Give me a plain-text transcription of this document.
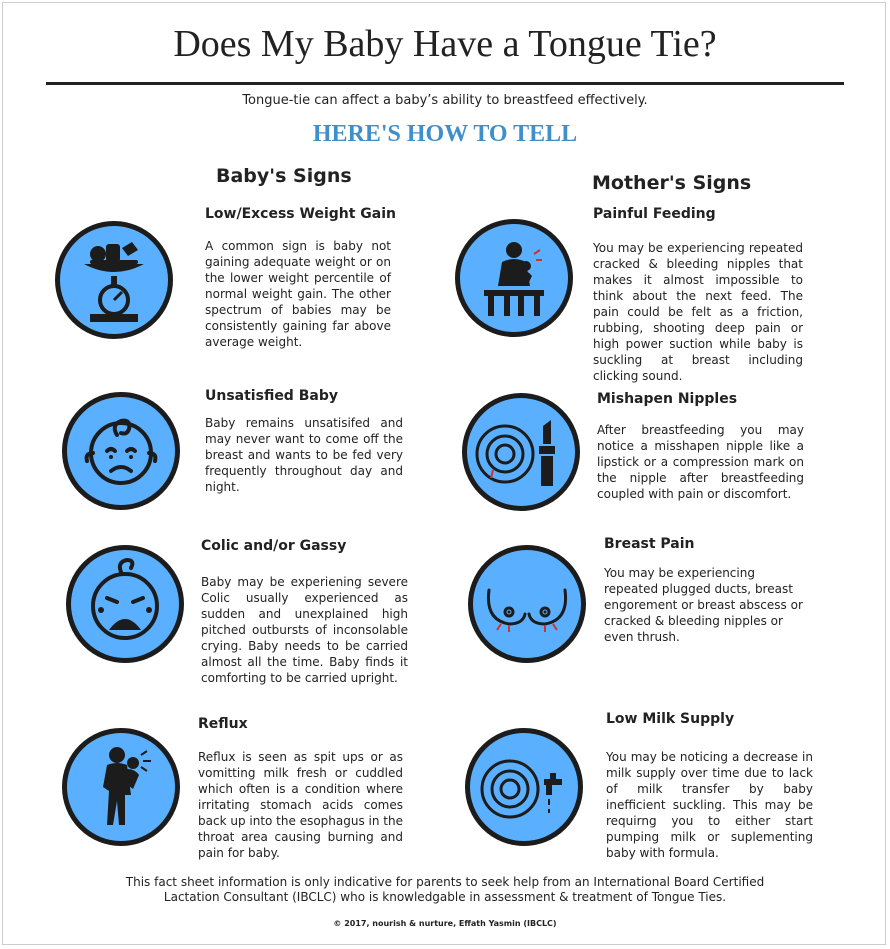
Does My Baby Have a Tongue Tie?
Tongue-tie can affect a baby’s ability to breastfeed effectively.
HERE'S HOW TO TELL
Baby's Signs	Mother's Signs
Low/Excess Weight Gain
A common sign is baby not gaining adequate weight or on the lower weight percentile of normal weight gain. The other spectrum of babies may be consistently gaining far above average weight.
Unsatisfied Baby
Baby remains unsatisifed and may never want to come off the breast and wants to be fed very frequently throughout day and night.
Colic and/or Gassy
Baby may be experiening severe Colic usually experienced as sudden and unexplained high pitched outbursts of inconsolable crying. Baby needs to be carried almost all the time. Baby finds it comforting to be carried upright.
Reflux
Reflux is seen as spit ups or as vomitting milk fresh or cuddled which often is a condition where irritating stomach acids comes back up into the esophagus in the throat area causing burning and pain for baby.
Painful Feeding
You may be experiencing repeated cracked & bleeding nipples that makes it almost impossible to think about the next feed. The pain could be felt as a friction, rubbing, shooting deep pain or high power suction while baby is suckling at breast including clicking sound.
Mishapen Nipples
After breastfeeding you may notice a misshapen nipple like a lipstick or a compression mark on the nipple after breastfeeding coupled with pain or discomfort.
Breast Pain
You may be experiencing repeated plugged ducts, breast engorement or breast abscess or cracked & bleeding nipples or even thrush.
Low Milk Supply
You may be noticing a decrease in milk supply over time due to lack of milk transfer by baby inefficient suckling. This may be requirng you to either start pumping milk or suplementing baby with formula.
This fact sheet information is only indicative for parents to seek help from an International Board Certified Lactation Consultant (IBCLC) who is knowledgable in assessment & treatment of Tongue Ties.
© 2017, nourish & nurture, Effath Yasmin (IBCLC)
